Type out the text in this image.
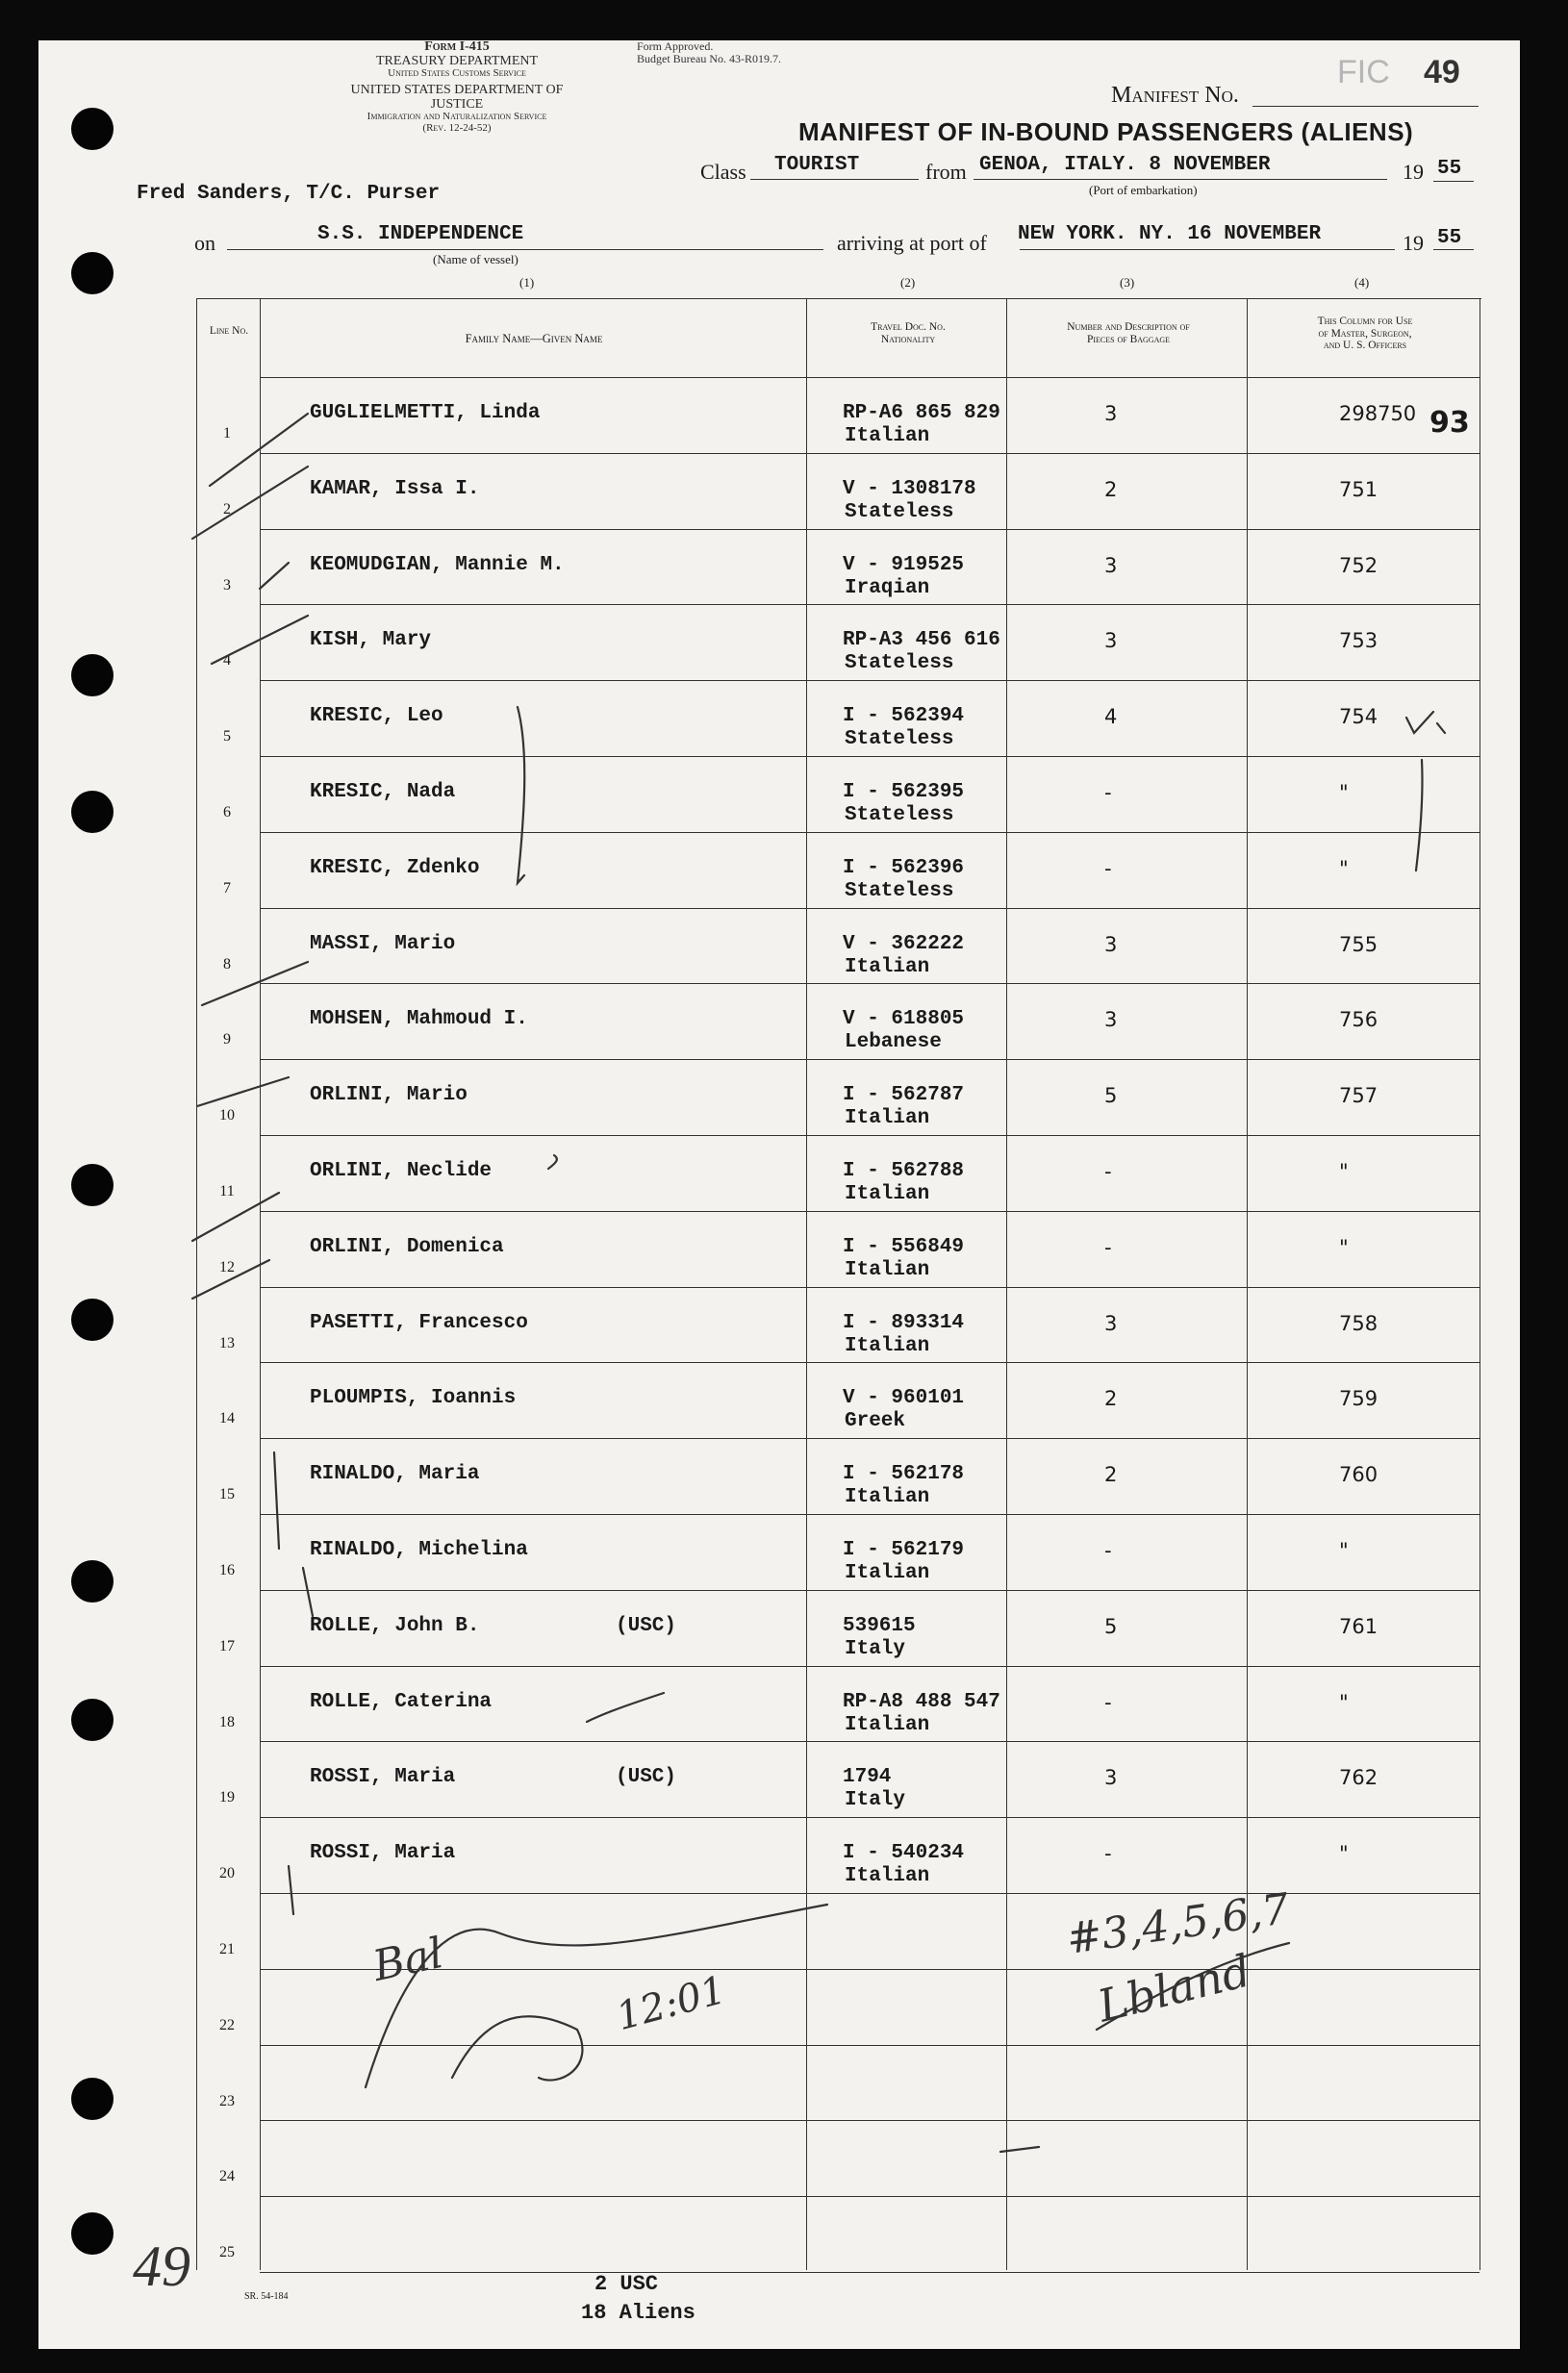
Form I-415
TREASURY DEPARTMENT
United States Customs Service
UNITED STATES DEPARTMENT OF JUSTICE
Immigration and Naturalization Service
(Rev. 12-24-52)
Form Approved.
Budget Bureau No. 43-R019.7.
Manifest No.
FIC 49
MANIFEST OF IN-BOUND PASSENGERS (ALIENS)
Class TOURIST	from GENOA, ITALY. 8 NOVEMBER	19 55
(Port of embarkation)
Fred Sanders, T/C. Purser
on	S.S. INDEPENDENCE
(Name of vessel)
arriving at port of NEW YORK. NY. 16 NOVEMBER	19 55
(1)	(2)	(3)	(4)
Line No.
Family Name—Given Name
Travel Doc. No.
Nationality
Number and Description of
Pieces of Baggage
This Column for Use
of Master, Surgeon,
and U. S. Officers
1
GUGLIELMETTI, Linda	RP-A6 865 829
Italian
3	298750 93
2
KAMAR, Issa I.	V - 1308178
Stateless
2	751
3
KEOMUDGIAN, Mannie M.	V - 919525
Iraqian
3	752
4
KISH, Mary	RP-A3 456 616
Stateless
3	753
5
KRESIC, Leo	I - 562394
Stateless
4	754
6
KRESIC, Nada	I - 562395
Stateless
-	"
7
KRESIC, Zdenko	I - 562396
Stateless
-	"
8
MASSI, Mario	V - 362222
Italian
3	755
9
MOHSEN, Mahmoud I.	V - 618805
Lebanese
3	756
10
ORLINI, Mario	I - 562787
Italian
5	757
11
ORLINI, Neclide	I - 562788
Italian
-	"
12
ORLINI, Domenica	I - 556849
Italian
-	"
13
PASETTI, Francesco	I - 893314
Italian
3	758
14
PLOUMPIS, Ioannis	V - 960101
Greek
2	759
15
RINALDO, Maria	I - 562178
Italian
2	760
16
RINALDO, Michelina	I - 562179
Italian
-	"
17
ROLLE, John B.	(USC)	539615
Italy
5	761
18
ROLLE, Caterina	RP-A8 488 547
Italian
-	"
19
ROSSI, Maria	(USC)	1794
Italy
3	762
20
ROSSI, Maria	I - 540234
Italian
-	"
21
22
23
24
25
Bal
12:01
#3,4,5,6,7
Lbland
SR. 54-184
2 USC
18 Aliens
49
